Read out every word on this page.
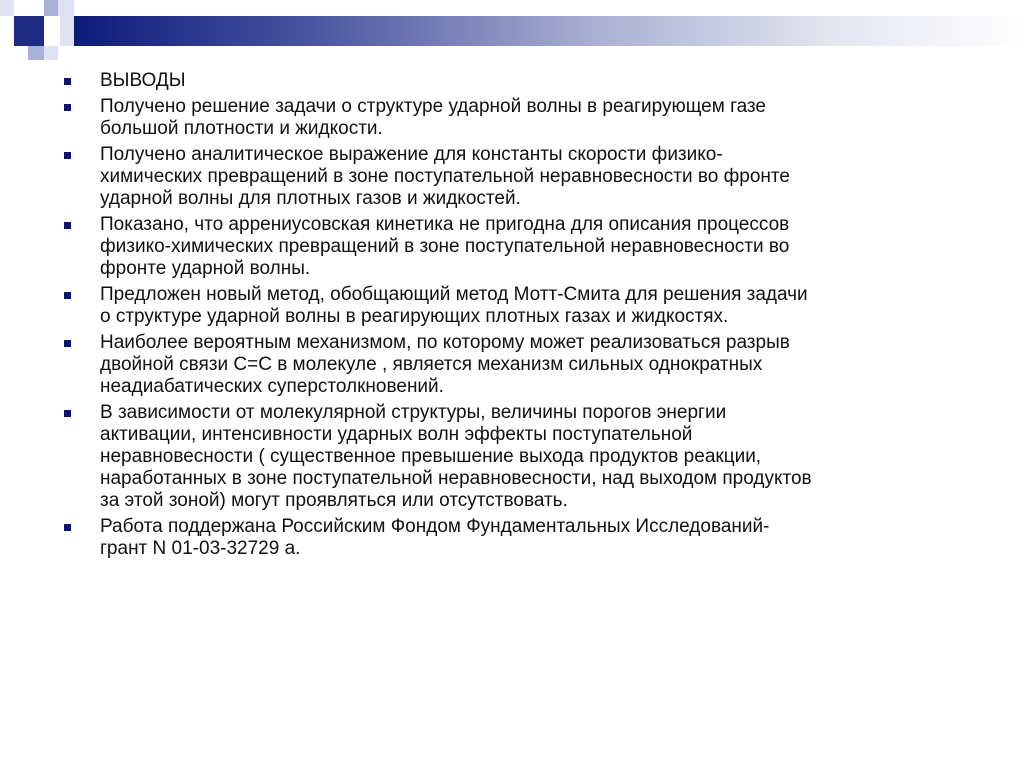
ВЫВОДЫ
Получено решение задачи о структуре ударной волны в реагирующем газе
большой плотности и жидкости.
Получено аналитическое выражение для константы скорости физико-
химических превращений в зоне поступательной неравновесности во фронте
ударной волны для плотных газов и жидкостей.
Показано, что аррениусовская кинетика не пригодна для описания процессов
физико-химических превращений в зоне поступательной неравновесности во
фронте ударной волны.
Предложен новый метод, обобщающий метод Мотт-Смита для решения задачи
о структуре ударной волны в реагирующих плотных газах и жидкостях.
Наиболее вероятным механизмом, по которому может реализоваться разрыв
двойной связи С=С в молекуле , является механизм сильных однократных
неадиабатических суперстолкновений.
В зависимости от молекулярной структуры, величины порогов энергии
активации, интенсивности ударных волн эффекты поступательной
неравновесности ( существенное превышение выхода продуктов реакции,
наработанных в зоне поступательной неравновесности, над выходом продуктов
за этой зоной) могут проявляться или отсутствовать.
Работа поддержана Российским Фондом Фундаментальных Исследований-
грант N 01-03-32729 а.
